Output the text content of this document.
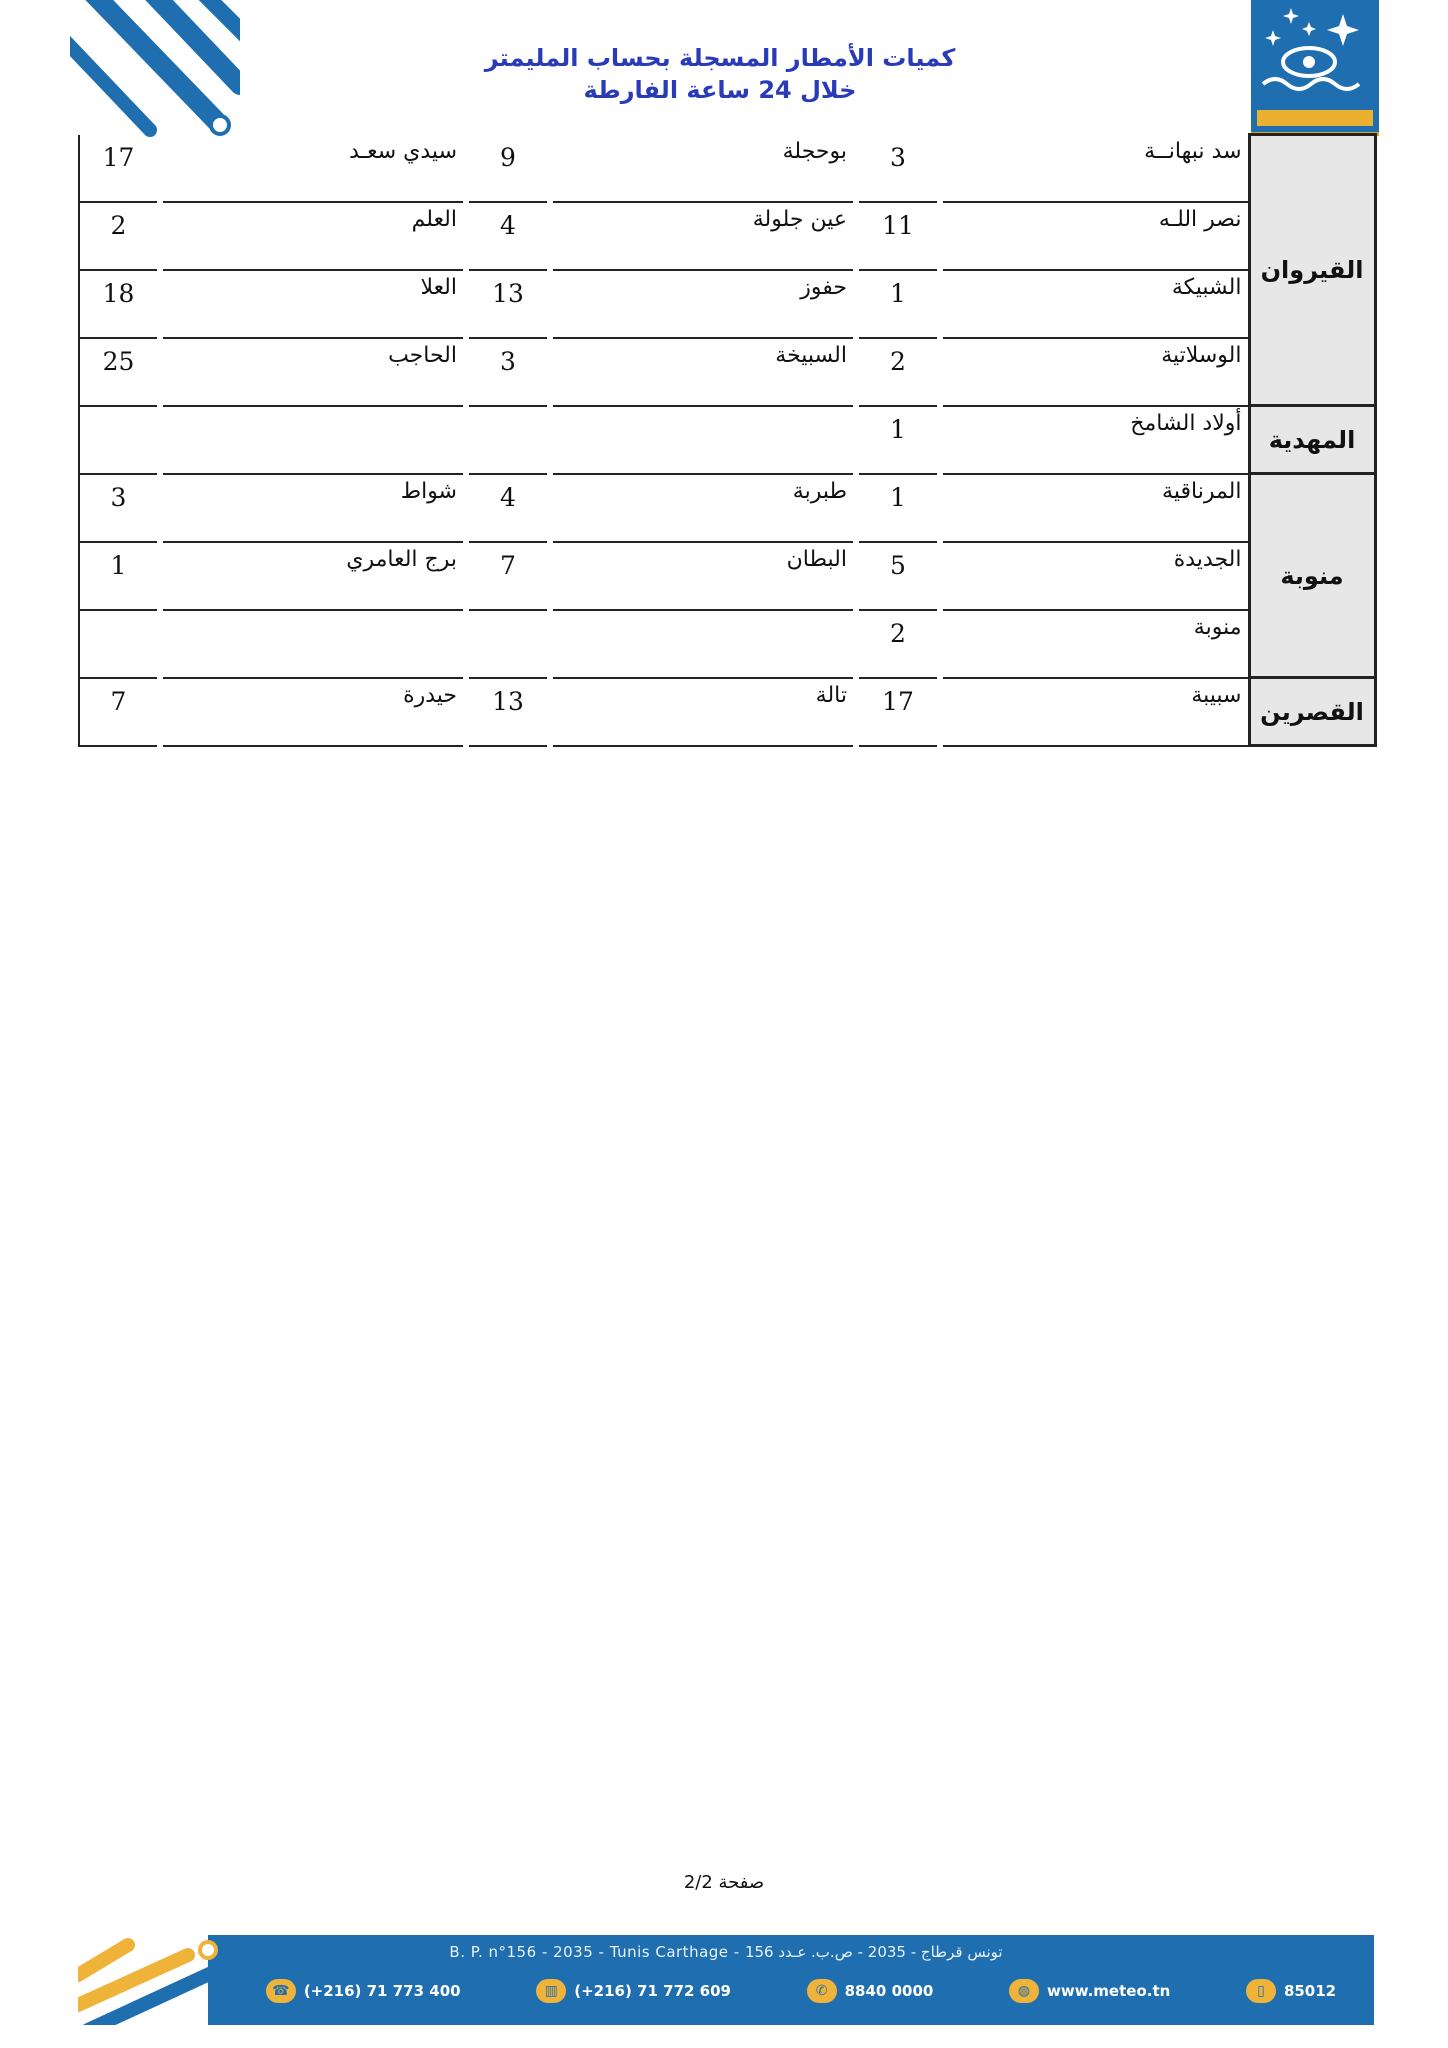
كميات الأمطار المسجلة بحساب المليمتر
خلال 24 ساعة الفارطة
17		سيدي سعـد		9		بوحجلة		3		سد نبهانــة	القيروان
2		العلم		4		عين جلولة		11		نصر اللـه	
18		العلا		13		حفوز		1		الشبيكة	
25		الحاجب		3		السبيخة		2		الوسلاتية	
								1		أولاد الشامخ	المهدية
3		شواط		4		طبربة		1		المرناقية	منوبة
1		برج العامري		7		البطان		5		الجديدة	
								2		منوبة	
7		حيدرة		13		تالة		17		سبيبة	القصرين
صفحة 2/2
B. P. n°156 - 2035 - Tunis Carthage - تونس قرطاج - 2035 - ص.ب. عـدد 156
☎ (+216) 71 773 400	▥	(+216) 71 772 609	✆	8840 0000	◍	www.meteo.tn	▯	85012
